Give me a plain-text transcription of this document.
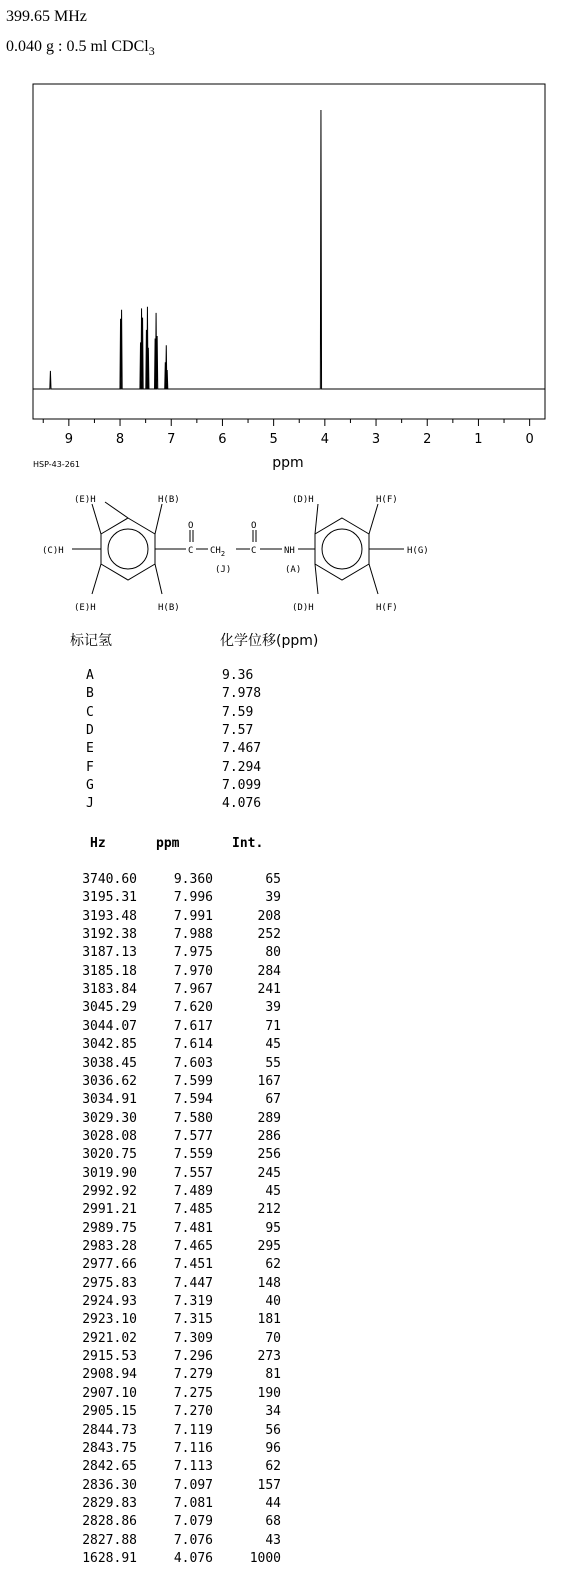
399.65 MHz
0.040 g : 0.5 ml CDCl$_3$
9	8	7	6	5	4	3	2	1	0
ppm
HSP-43-261
(E)H	H(B)
(C)H
(E)H	H(B)
O
C $CH_2$
(J)
O
C	NH
(A)
(D)H	H(F)
H(G)
(D)H	H(F)
标记氢	化学位移(ppm)
A	9.36
B	7.978
C	7.59
D	7.57
E	7.467
F	7.294
G	7.099
J	4.076
Hz	ppm	Int.
3740.60	9.360	65
3195.31	7.996	39
3193.48	7.991	208
3192.38	7.988	252
3187.13	7.975	80
3185.18	7.970	284
3183.84	7.967	241
3045.29	7.620	39
3044.07	7.617	71
3042.85	7.614	45
3038.45	7.603	55
3036.62	7.599	167
3034.91	7.594	67
3029.30	7.580	289
3028.08	7.577	286
3020.75	7.559	256
3019.90	7.557	245
2992.92	7.489	45
2991.21	7.485	212
2989.75	7.481	95
2983.28	7.465	295
2977.66	7.451	62
2975.83	7.447	148
2924.93	7.319	40
2923.10	7.315	181
2921.02	7.309	70
2915.53	7.296	273
2908.94	7.279	81
2907.10	7.275	190
2905.15	7.270	34
2844.73	7.119	56
2843.75	7.116	96
2842.65	7.113	62
2836.30	7.097	157
2829.83	7.081	44
2828.86	7.079	68
2827.88	7.076	43
1628.91	4.076	1000
